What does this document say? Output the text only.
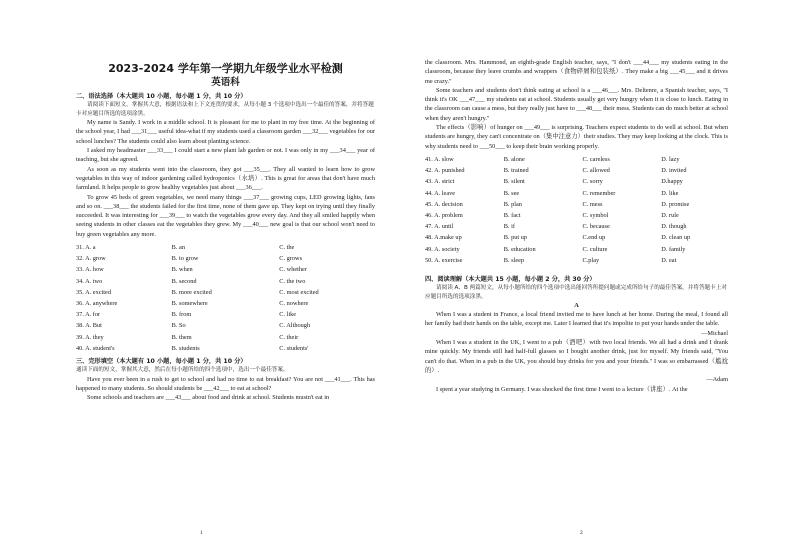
2023-2024 学年第一学期九年级学业水平检测
英语科
二、语法选择（本大题共 10 小题，每小题 1 分，共 10 分）
请阅读下面短文，掌握其大意，根据语法和上下文连贯的要求，从每小题 3 个选项中选出一个最佳的答案，并将答题卡对应题目所选的选项涂黑。

My name is Sandy. I work in a middle school. It is pleasant for me to plant in my free time. At the beginning of the school year, I had ___31___ useful idea-what if my students used a classroom garden ___32___ vegetables for our school lunches? The students could also learn about planting science.

I asked my headmaster ___33___ I could start a new plant lab garden or not. I was only in my ___34___ year of teaching, but she agreed.

As soon as my students went into the classroom, they got ___35___. They all wanted to learn how to grow vegetables in this way of indoor gardening called hydroponics（水培）. This is great for areas that don't have much farmland. It helps people to grow healthy vegetables just about ___36___.

To grow 45 beds of green vegetables, we need many things ___37___ growing cups, LED growing lights, fans and so on. ___38___ the students failed for the first time, none of them gave up. They kept on trying until they finally succeeded. It was interesting for ___39___ to watch the vegetables grow every day. And they all smiled happily when seeing students in other classes eat the vegetables they grew. My ___40___ new goal is that our school won't need to buy green vegetables any more.

31. A. a	B. an	C. the
32. A. grow	B. to grow	C. grows
33. A. how	B. when	C. whether
34. A. two	B. second	C. the two
35. A. excited	B. more excited	C. most excited
36. A. anywhere	B. somewhere	C. nowhere
37. A. for	B. from	C. like
38. A. But	B. So	C. Although
39. A. they	B. them	C. their
40. A. student's	B. students	C. students'
三、完形填空（本大题有 10 小题，每小题 1 分，共 10 分）
通读下面的短文，掌握其大意，然后在每小题所给的四个选项中，选出一个最佳答案。

Have you ever been in a rush to get to school and had no time to eat breakfast? You are not ___41___. This has happened to many students. So should students be ___42___ to eat at school?

Some schools and teachers are ___43___ about food and drink at school. Students mustn't eat in

1

the classroom. Mrs. Hammond, an eighth-grade English teacher, says, "I don't ___44___ my students eating in the classroom, because they leave crumbs and wrappers（食物碎屑和包装纸）. They make a big ___45___ and it drives me crazy."

Some teachers and students don't think eating at school is a ___46___. Mrs. Deltenre, a Spanish teacher, says, "I think it's OK ___47___ my students eat at school. Students usually get very hungry when it is close to lunch. Eating in the classroom can cause a mess, but they really just have to ___48___ their mess. Students can do much better at school when they aren't hungry."

The effects（影响）of hunger on ___49___ is surprising. Teachers expect students to do well at school. But when students are hungry, they can't concentrate on（集中注意力）their studies. They may keep looking at the clock. This is why students need to ___50___ to keep their brain working properly.

41. A. slow	B. alone	C. careless	D. lazy
42. A. punished	B. trained	C. allowed	D. invited
43. A. strict	B. silent	C. sorry	D.happy
44. A. leave	B. see	C. remember	D. like
45. A. decision	B. plan	C. mess	D. promise
46. A. problem	B. fact	C. symbol	D. rule
47. A. until	B. if	C. because	D. though
48. A.make up	B. put up	C.end up	D. clean up
49. A. society	B. education	C. culture	D. family
50. A. exercise	B. sleep	C.play	D. eat
四、阅读理解（本大题共 15 小题，每小题 2 分，共 30 分）
请阅读 A、B 两篇短文，从每小题所给的四个选项中选出能回答所提问题或完成所给句子的最佳答案，并将答题卡上对应题目所选的选项涂黑。
A

When I was a student in France, a local friend invited me to have lunch at her home. During the meal, I found all her family had their hands on the table, except me. Later I learned that it's impolite to put your hands under the table.

—Michael

When I was a student in the UK, I went to a pub（酒吧）with two local friends. We all had a drink and I drank mine quickly. My friends still had half-full glasses so I bought another drink, just for myself. My friends said, "You can't do that. When in a pub in the UK, you should buy drinks for you and your friends." I was so embarrassed（尴尬的）.

—Adam

I spent a year studying in Germany. I was shocked the first time I went to a lecture（讲座）. At the

2
